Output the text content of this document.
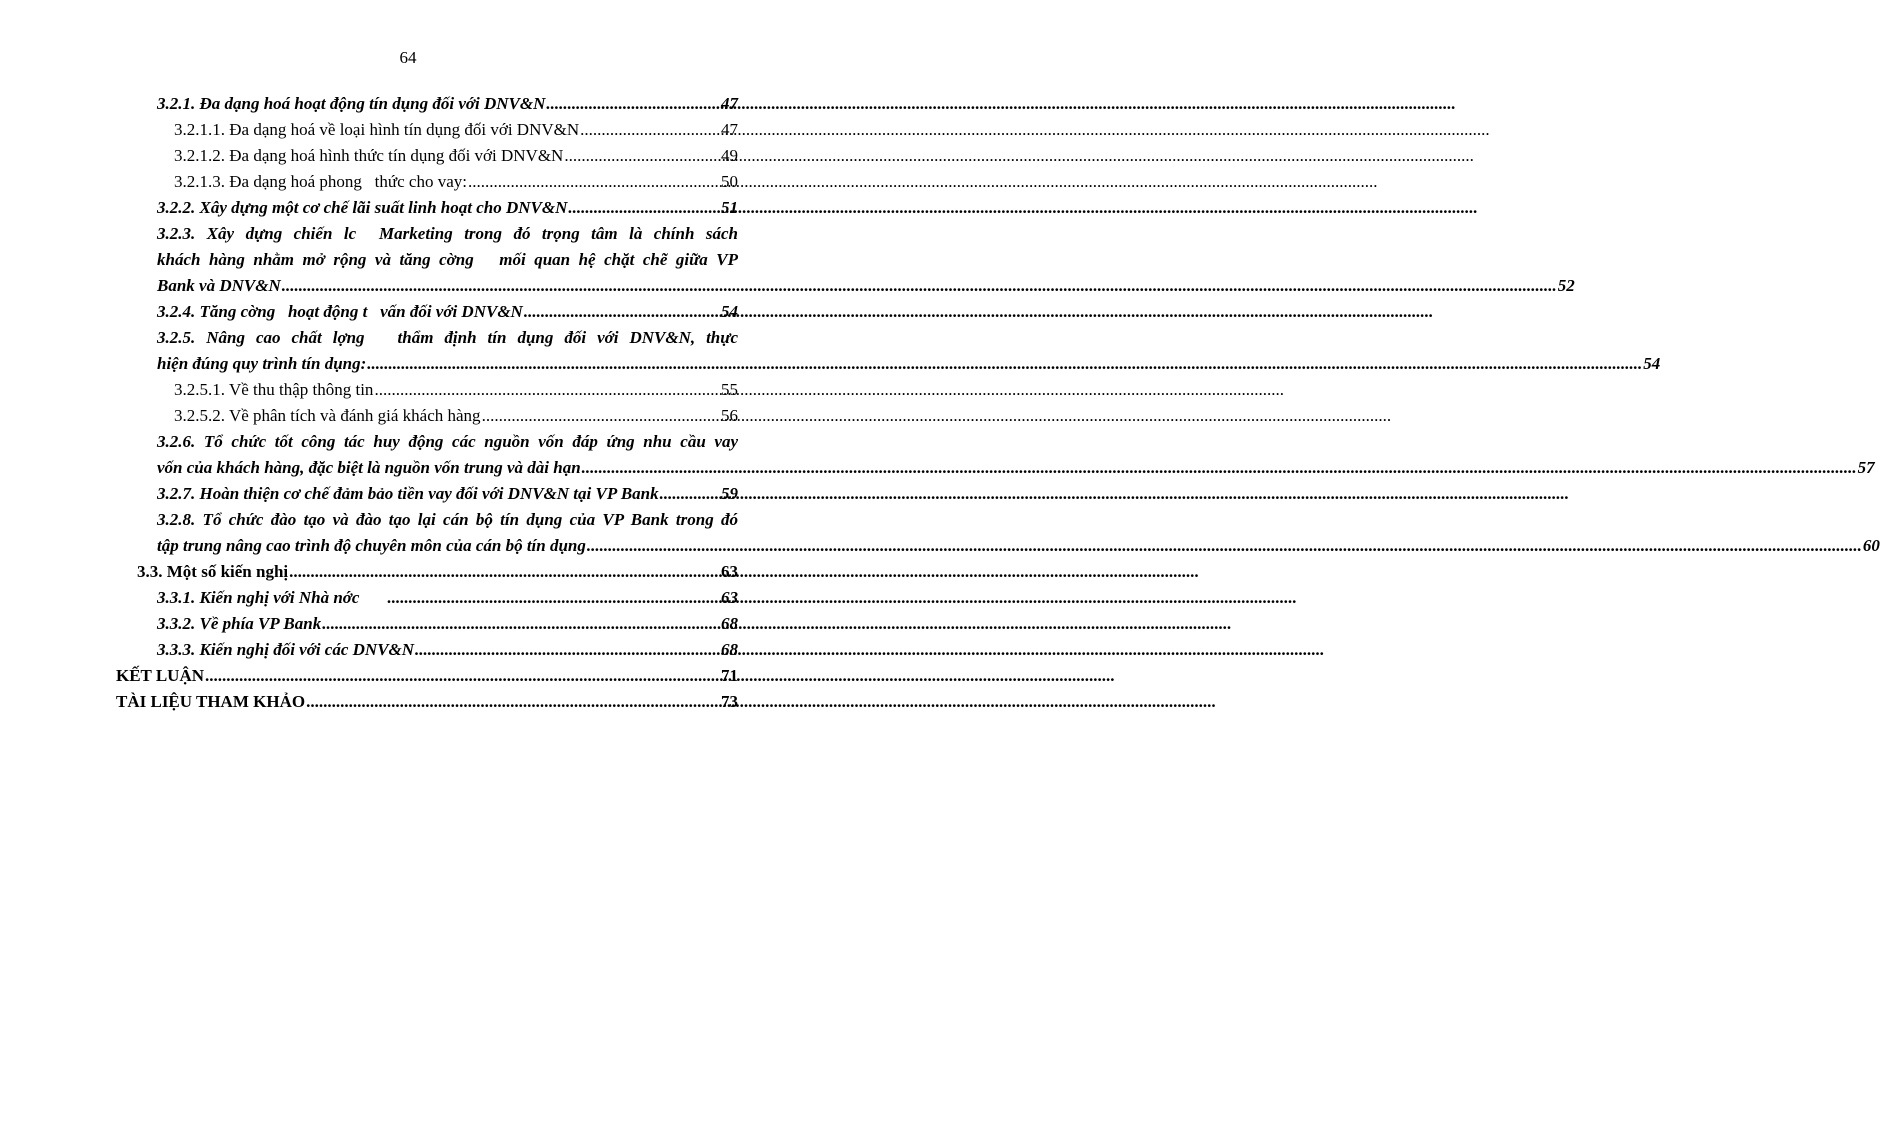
64
3.2.1. Đa dạng hoá hoạt động tín dụng đối với DNV&N .....	47
3.2.1.1. Đa dạng hoá về loại hình tín dụng đối với DNV&N .....	47
3.2.1.2. Đa dạng hoá hình thức tín dụng đối với DNV&N .....	49
3.2.1.3. Đa dạng hoá phong   thức cho vay: .....	50
3.2.2. Xây dựng một cơ chế lãi suất linh hoạt cho DNV&N .....	51
3.2.3. Xây dựng chiến lc  Marketing trong đó trọng tâm là chính sách
khách hàng nhằm mở rộng và tăng cờng   mối quan hệ chặt chẽ giữa VP
Bank và DNV&N ............................................................................................................................................................................................................................................................................................................ 52
3.2.4. Tăng cờng   hoạt động t   vấn đối với DNV&N .....	54
3.2.5. Nâng cao chất lợng   thẩm định tín dụng đối với DNV&N, thực
hiện đúng quy trình tín dụng: ............................................................................................................................................................................................................................................................................................................ 54
3.2.5.1. Về thu thập thông tin .....	55
3.2.5.2. Về phân tích và đánh giá khách hàng .....	56
3.2.6. Tổ chức tốt công tác huy động các nguồn vốn đáp ứng nhu cầu vay
vốn của khách hàng, đặc biệt là nguồn vốn trung và dài hạn ............................................................................................................................................................................................................................................................................................................ 57
3.2.7. Hoàn thiện cơ chế đảm bảo tiền vay đối với DNV&N tại VP Bank .....	59
3.2.8. Tổ chức đào tạo và đào tạo lại cán bộ tín dụng của VP Bank trong đó
tập trung nâng cao trình độ chuyên môn của cán bộ tín dụng ............................................................................................................................................................................................................................................................................................................ 60
3.3. Một số kiến nghị .....	63
3.3.1. Kiến nghị với Nhà nớc .....	63
3.3.2. Về phía VP Bank .....	68
3.3.3. Kiến nghị đối với các DNV&N .....	68
KẾT LUẬN .....	71
TÀI LIỆU THAM KHẢO .....	73
